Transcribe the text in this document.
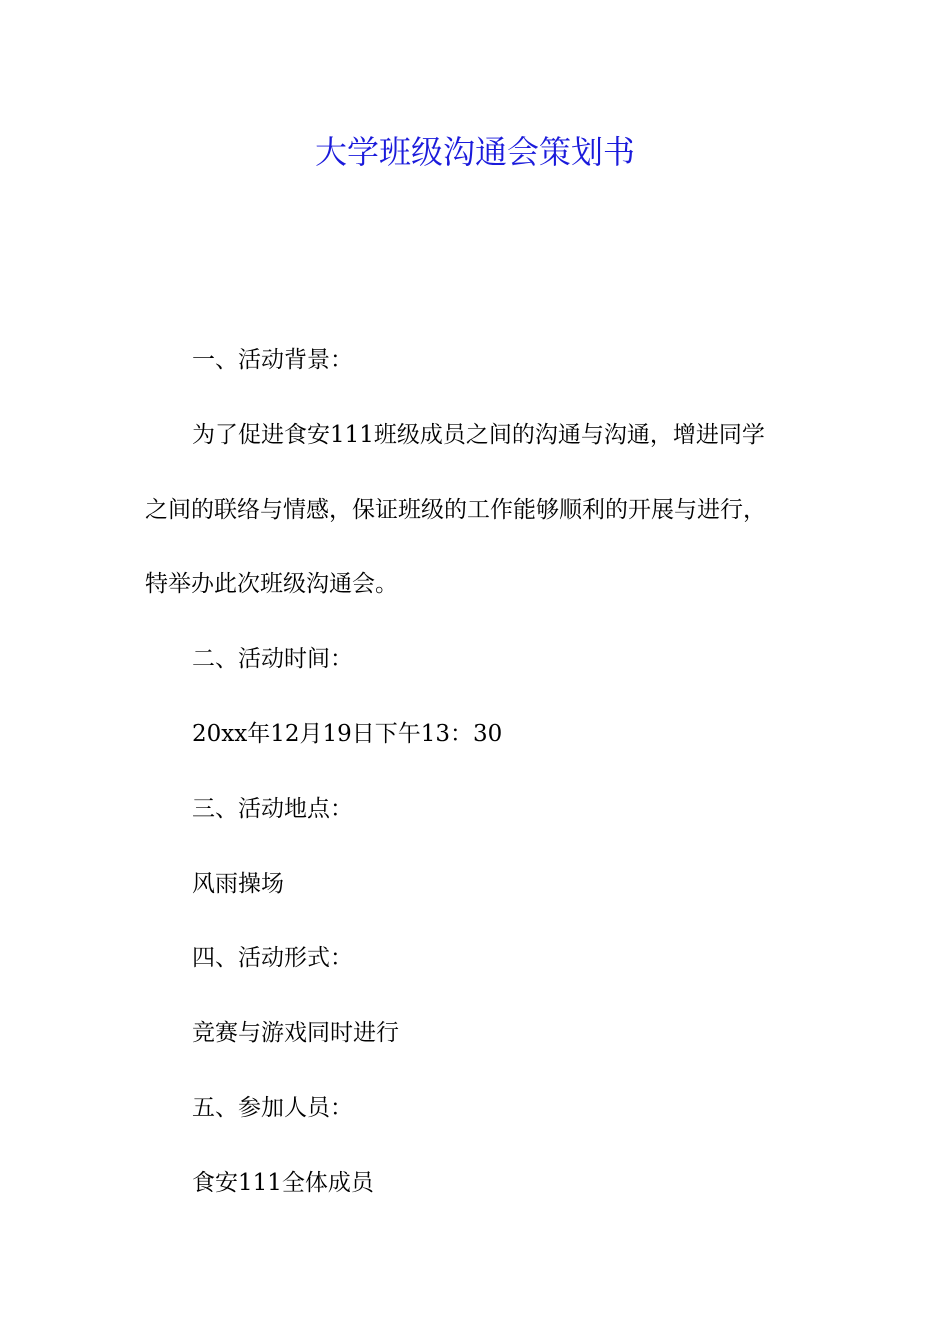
大学班级沟通会策划书
一、活动背景：
为了促进食安111班级成员之间的沟通与沟通，增进同学
之间的联络与情感，保证班级的工作能够顺利的开展与进行，
特举办此次班级沟通会。
二、活动时间：
20xx年12月19日下午13：30
三、活动地点：
风雨操场
四、活动形式：
竞赛与游戏同时进行
五、参加人员：
食安111全体成员
